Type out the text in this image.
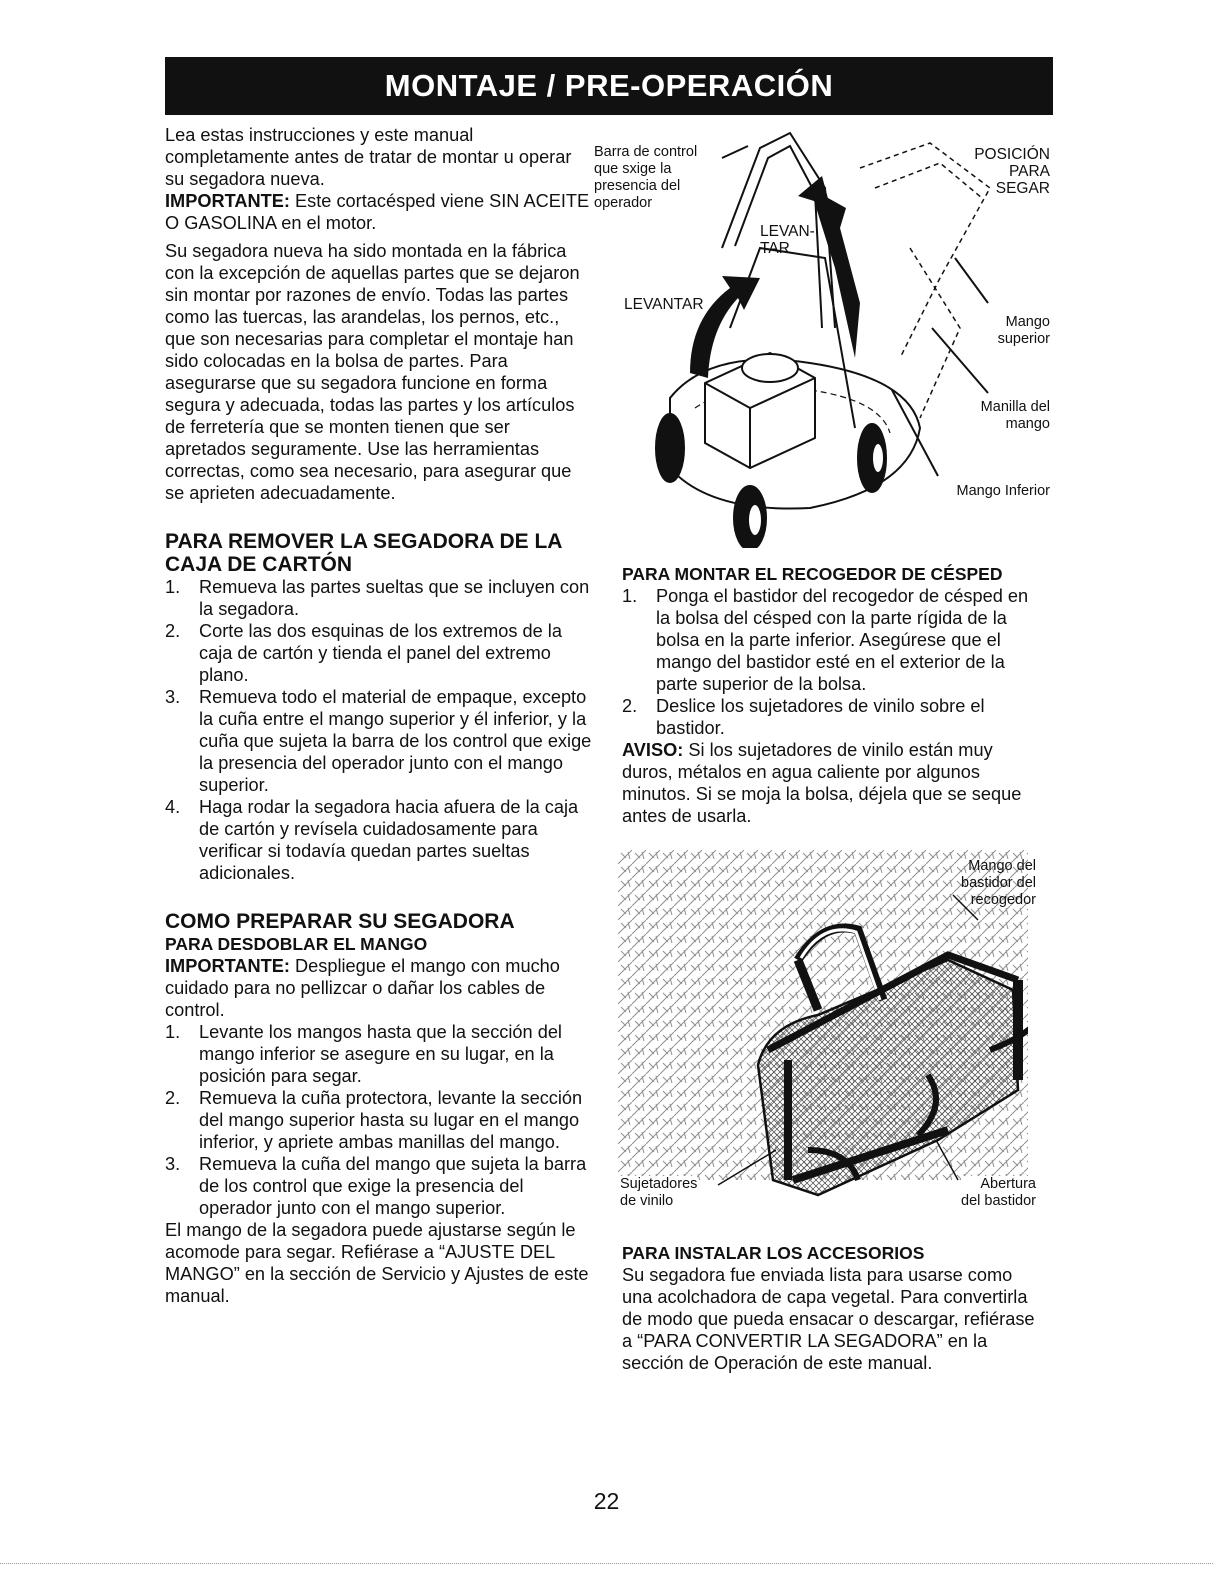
MONTAJE / PRE-OPERACIÓN

Lea estas instrucciones y este manual completamente antes de tratar de montar u operar su segadora nueva.

IMPORTANTE: Este cortacésped viene SIN ACEITE O GASOLINA en el motor.

Su segadora nueva ha sido montada en la fábrica con la excepción de aquellas partes que se dejaron sin montar por razones de envío. Todas las partes como las tuercas, las arandelas, los pernos, etc., que son necesarias para completar el montaje han sido colocadas en la bolsa de partes. Para asegurarse que su segadora funcione en forma segura y adecuada, todas las partes y los artículos de ferretería que se monten tienen que ser apretados seguramente. Use las herramientas correctas, como sea necesario, para asegurar que se aprieten adecuadamente.

PARA REMOVER LA SEGADORA DE LA CAJA DE CARTÓN

1.	Remueva las partes sueltas que se incluyen con la segadora.
2.	Corte las dos esquinas de los extremos de la caja de cartón y tienda el panel del extremo plano.
3.	Remueva todo el material de empaque, excepto la cuña entre el mango superior y él inferior, y la cuña que sujeta la barra de los control que exige la presencia del operador junto con el mango superior.
4.	Haga rodar la segadora hacia afuera de la caja de cartón y revísela cuidadosamente para verificar si todavía quedan partes sueltas adicionales.

COMO PREPARAR SU SEGADORA

PARA DESDOBLAR EL MANGO

IMPORTANTE: Despliegue el mango con mucho cuidado para no pellizcar o dañar los cables de control.

1.	Levante los mangos hasta que la sección del mango inferior se asegure en su lugar, en la posición para segar.
2.	Remueva la cuña protectora, levante la sección del mango superior hasta su lugar en el mango inferior, y apriete ambas manillas del mango.
3.	Remueva la cuña del mango que sujeta la barra de los control que exige la presencia del operador junto con el mango superior.

El mango de la segadora puede ajustarse según le acomode para segar. Refiérase a “AJUSTE DEL MANGO” en la sección de Servicio y Ajustes de este manual.

Barra de control
que sxige la
presencia del
operador
LEVAN-
TAR
LEVANTAR
POSICIÓN
PARA
SEGAR
Mango
superior
Manilla del
mango
Mango Inferior

PARA MONTAR EL RECOGEDOR DE CÉSPED

1.	Ponga el bastidor del recogedor de césped en la bolsa del césped con la parte rígida de la bolsa en la parte inferior. Asegúrese que el mango del bastidor esté en el exterior de la parte superior de la bolsa.
2.	Deslice los sujetadores de vinilo sobre el bastidor.

AVISO: Si los sujetadores de vinilo están muy duros, métalos en agua caliente por algunos minutos. Si se moja la bolsa, déjela que se seque antes de usarla.

Mango del
bastidor del
recogedor
Sujetadores
de vinilo
Abertura
del bastidor

PARA INSTALAR LOS ACCESORIOS

Su segadora fue enviada lista para usarse como una acolchadora de capa vegetal. Para convertirla de modo que pueda ensacar o descargar, refiérase a “PARA CONVERTIR LA SEGADORA” en la sección de Operación de este manual.

22
